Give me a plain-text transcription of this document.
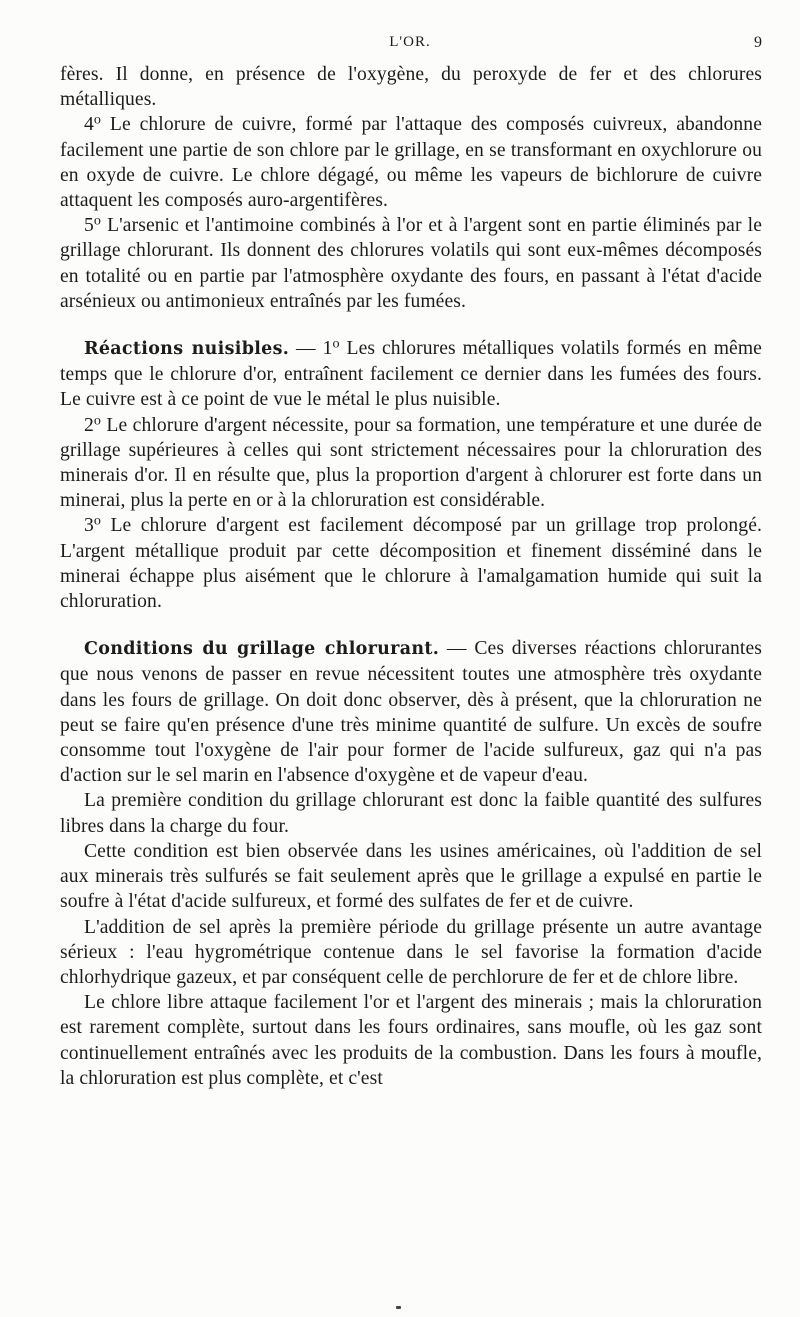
L'OR.	9

fères. Il donne, en présence de l'oxygène, du peroxyde de fer et des chlorures métalliques.

4$^o$ Le chlorure de cuivre, formé par l'attaque des composés cuivreux, abandonne facilement une partie de son chlore par le grillage, en se transformant en oxychlorure ou en oxyde de cuivre. Le chlore dégagé, ou même les vapeurs de bichlorure de cuivre attaquent les composés auro-argentifères.

5$^o$ L'arsenic et l'antimoine combinés à l'or et à l'argent sont en partie éliminés par le grillage chlorurant. Ils donnent des chlorures volatils qui sont eux-mêmes décomposés en totalité ou en partie par l'atmosphère oxydante des fours, en passant à l'état d'acide arsénieux ou antimonieux entraînés par les fumées.

Réactions nuisibles. — 1$^o$ Les chlorures métalliques volatils formés en même temps que le chlorure d'or, entraînent facilement ce dernier dans les fumées des fours. Le cuivre est à ce point de vue le métal le plus nuisible.

2$^o$ Le chlorure d'argent nécessite, pour sa formation, une température et une durée de grillage supérieures à celles qui sont strictement nécessaires pour la chloruration des minerais d'or. Il en résulte que, plus la proportion d'argent à chlorurer est forte dans un minerai, plus la perte en or à la chloruration est considérable.

3$^o$ Le chlorure d'argent est facilement décomposé par un grillage trop prolongé. L'argent métallique produit par cette décomposition et finement disséminé dans le minerai échappe plus aisément que le chlorure à l'amalgamation humide qui suit la chloruration.

Conditions du grillage chlorurant. — Ces diverses réactions chlorurantes que nous venons de passer en revue nécessitent toutes une atmosphère très oxydante dans les fours de grillage. On doit donc observer, dès à présent, que la chloruration ne peut se faire qu'en présence d'une très minime quantité de sulfure. Un excès de soufre consomme tout l'oxygène de l'air pour former de l'acide sulfureux, gaz qui n'a pas d'action sur le sel marin en l'absence d'oxygène et de vapeur d'eau.

La première condition du grillage chlorurant est donc la faible quantité des sulfures libres dans la charge du four.

Cette condition est bien observée dans les usines américaines, où l'addition de sel aux minerais très sulfurés se fait seulement après que le grillage a expulsé en partie le soufre à l'état d'acide sulfureux, et formé des sulfates de fer et de cuivre.

L'addition de sel après la première période du grillage présente un autre avantage sérieux : l'eau hygrométrique contenue dans le sel favorise la formation d'acide chlorhydrique gazeux, et par conséquent celle de perchlorure de fer et de chlore libre.

Le chlore libre attaque facilement l'or et l'argent des minerais ; mais la chloruration est rarement complète, surtout dans les fours ordinaires, sans moufle, où les gaz sont continuellement entraînés avec les produits de la combustion. Dans les fours à moufle, la chloruration est plus complète, et c'est
